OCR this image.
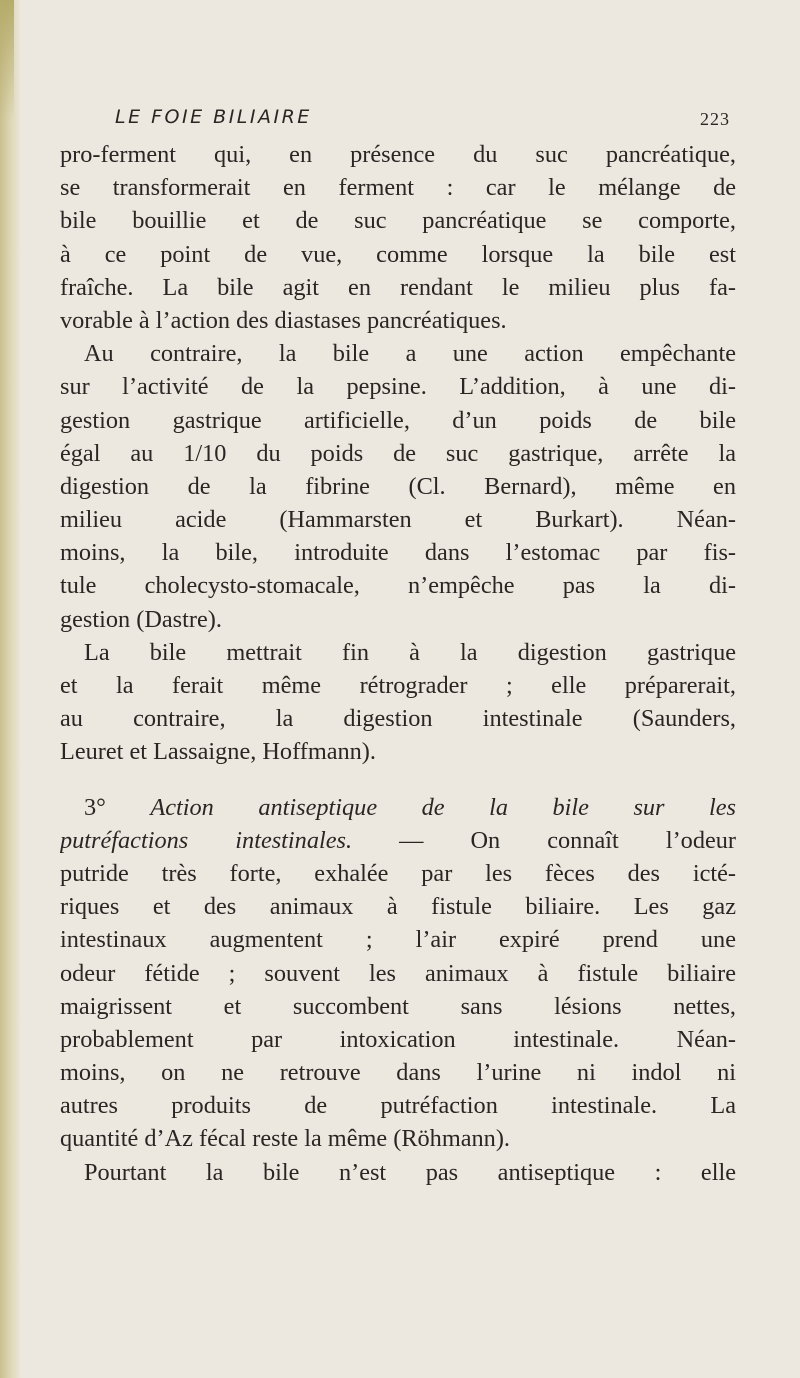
LE FOIE BILIAIRE	223
pro-ferment qui, en présence du suc pancréatique,
se transformerait en ferment : car le mélange de
bile bouillie et de suc pancréatique se comporte,
à ce point de vue, comme lorsque la bile est
fraîche. La bile agit en rendant le milieu plus fa-
vorable à l’action des diastases pancréatiques.
Au contraire, la bile a une action empêchante
sur l’activité de la pepsine. L’addition, à une di-
gestion gastrique artificielle, d’un poids de bile
égal au 1/10 du poids de suc gastrique, arrête la
digestion de la fibrine (Cl. Bernard), même en
milieu acide (Hammarsten et Burkart). Néan-
moins, la bile, introduite dans l’estomac par fis-
tule cholecysto-stomacale, n’empêche pas la di-
gestion (Dastre).
La bile mettrait fin à la digestion gastrique
et la ferait même rétrograder ; elle préparerait,
au contraire, la digestion intestinale (Saunders,
Leuret et Lassaigne, Hoffmann).
3° Action antiseptique de la bile sur les
putréfactions intestinales. — On connaît l’odeur
putride très forte, exhalée par les fèces des icté-
riques et des animaux à fistule biliaire. Les gaz
intestinaux augmentent ; l’air expiré prend une
odeur fétide ; souvent les animaux à fistule biliaire
maigrissent et succombent sans lésions nettes,
probablement par intoxication intestinale. Néan-
moins, on ne retrouve dans l’urine ni indol ni
autres produits de putréfaction intestinale. La
quantité d’Az fécal reste la même (Röhmann).
Pourtant la bile n’est pas antiseptique : elle
